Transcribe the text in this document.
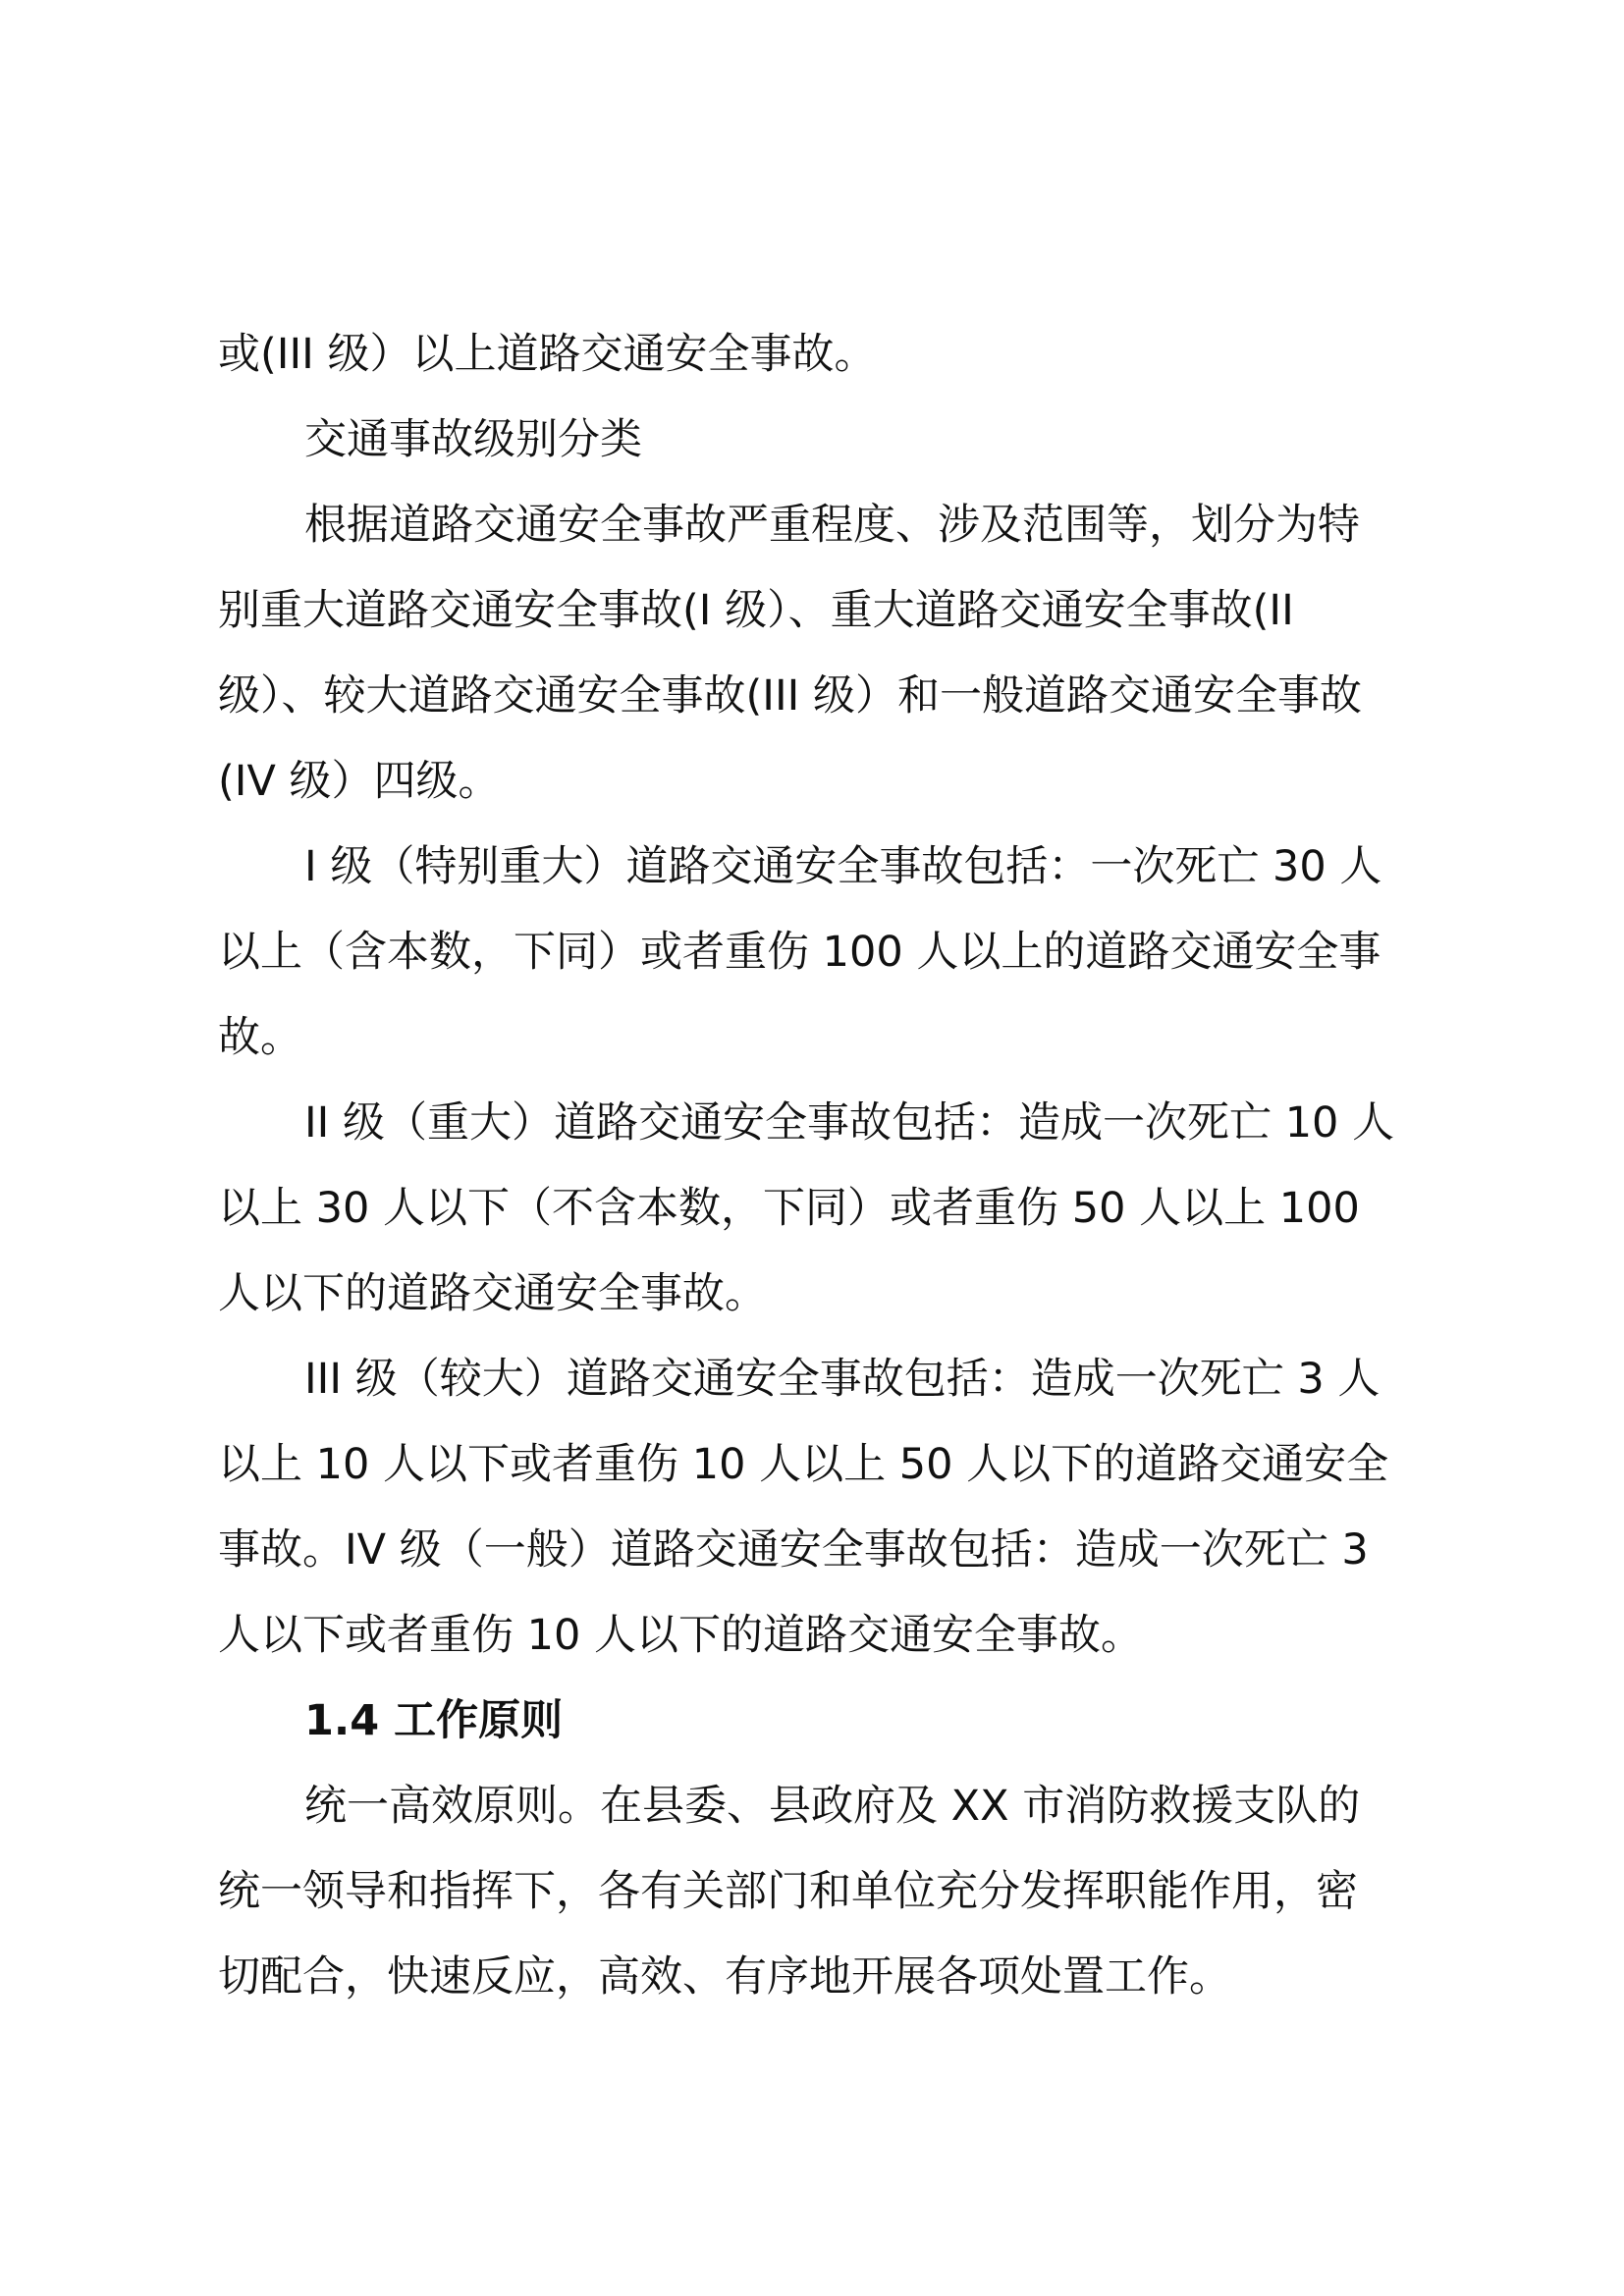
或(III 级）以上道路交通安全事故。
交通事故级别分类
根据道路交通安全事故严重程度、涉及范围等，划分为特
别重大道路交通安全事故(I 级）、重大道路交通安全事故(II
级）、较大道路交通安全事故(III 级）和一般道路交通安全事故
(IV 级）四级。
I 级（特别重大）道路交通安全事故包括：一次死亡 30 人
以上（含本数，下同）或者重伤 100 人以上的道路交通安全事
故。
II 级（重大）道路交通安全事故包括：造成一次死亡 10 人
以上 30 人以下（不含本数，下同）或者重伤 50 人以上 100
人以下的道路交通安全事故。
III 级（较大）道路交通安全事故包括：造成一次死亡 3 人
以上 10 人以下或者重伤 10 人以上 50 人以下的道路交通安全
事故。IV 级（一般）道路交通安全事故包括：造成一次死亡 3
人以下或者重伤 10 人以下的道路交通安全事故。
1.4 工作原则
统一高效原则。在县委、县政府及 XX 市消防救援支队的
统一领导和指挥下，各有关部门和单位充分发挥职能作用，密
切配合，快速反应，高效、有序地开展各项处置工作。
